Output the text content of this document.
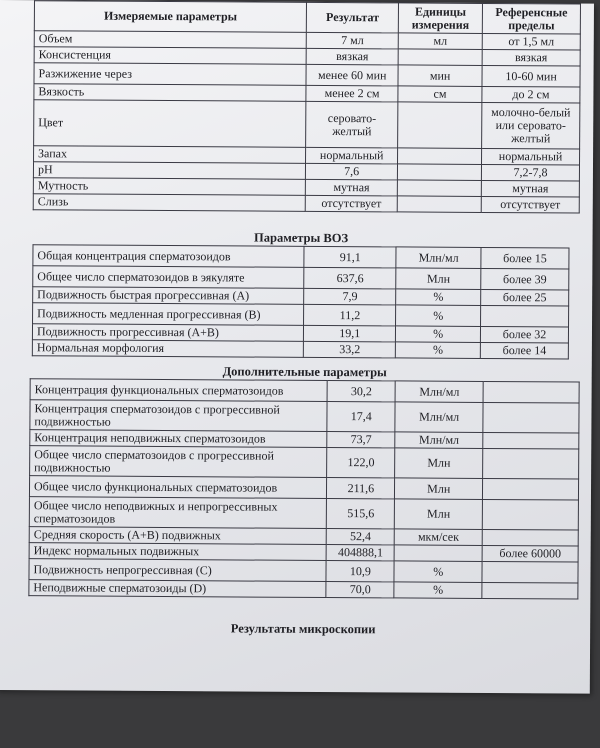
Измеряемые параметры	Результат	Единицы измерения	Референсные пределы
Объем	7 мл	мл	от 1,5 мл
Консистенция	вязкая		вязкая
Разжижение через	менее 60 мин	мин	10-60 мин
Вязкость	менее 2 см	см	до 2 см
Цвет	серовато-желтый		молочно-белый или серовато-желтый
Запах	нормальный		нормальный
pH	7,6		7,2-7,8
Мутность	мутная		мутная
Слизь	отсутствует		отсутствует
Параметры ВОЗ
Общая концентрация сперматозоидов	91,1	Млн/мл	более 15
Общее число сперматозоидов в эякуляте	637,6	Млн	более 39
Подвижность быстрая прогрессивная (А)	7,9	%	более 25
Подвижность медленная прогрессивная (В)	11,2	%	
Подвижность прогрессивная (А+В)	19,1	%	более 32
Нормальная морфология	33,2	%	более 14
Дополнительные параметры
Концентрация функциональных сперматозоидов	30,2	Млн/мл	
Концентрация сперматозоидов с прогрессивной подвижностью	17,4	Млн/мл	
Концентрация неподвижных сперматозоидов	73,7	Млн/мл	
Общее число сперматозоидов с прогрессивной подвижностью	122,0	Млн	
Общее число функциональных сперматозоидов	211,6	Млн	
Общее число неподвижных и непрогрессивных сперматозоидов	515,6	Млн	
Средняя скорость (А+В) подвижных	52,4	мкм/сек	
Индекс нормальных подвижных	404888,1		более 60000
Подвижность непрогрессивная (С)	10,9	%	
Неподвижные сперматозоиды (D)	70,0	%	
Результаты микроскопии
